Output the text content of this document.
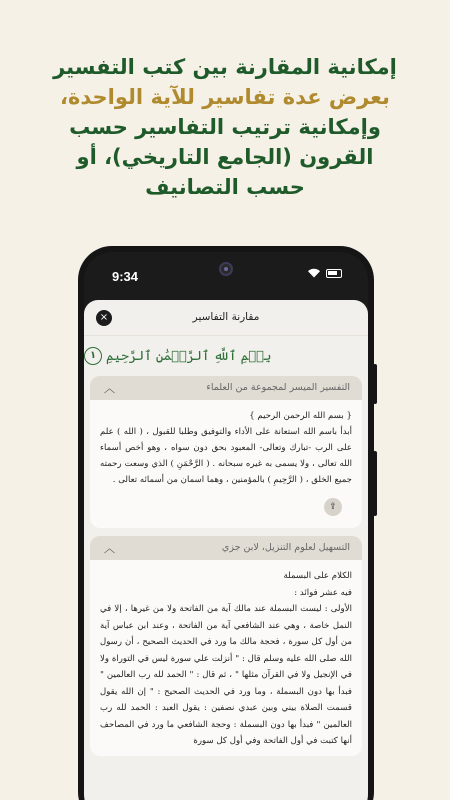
إمكانية المقارنة بين كتب التفسير
بعرض عدة تفاسير للآية الواحدة،
وإمكانية ترتيب التفاسير حسب
القرون (الجامع التاريخي)، أو
حسب التصانيف
9:34
×	مقارنة التفاسير
بِسۡمِ ٱللَّهِ ٱلرَّحۡمَٰنِ ٱلرَّحِيمِ
١
︿	التفسير الميسر لمجموعة من العلماء

{ بسم الله الرحمن الرحيم }

أبدأ باسم الله استعانة على الأداء والتوفيق وطلبا للقبول ، ( الله ) علم على الرب -تبارك وتعالى- المعبود بحق دون سواه ، وهو أخص أسماء الله تعالى ، ولا يسمى به غيره سبحانه . ( الرَّحْمَنِ ) الذي وسعت رحمته جميع الخلق ، ( الرَّحِيمِ ) بالمؤمنين ، وهما اسمان من أسمائه تعالى .

⇪
︿	التسهيل لعلوم التنزيل، لابن جزي

الكلام على البسملة

فيه عشر فوائد :

الأولى : ليست البسملة عند مالك آية من الفاتحة ولا من غيرها ، إلا في النمل خاصة ، وهي عند الشافعي آية من الفاتحة ، وعند ابن عباس آية من أول كل سورة ، فحجة مالك ما ورد في الحديث الصحيح ، أن رسول الله صلى الله عليه وسلم قال : " أنزلت علي سورة ليس في التوراة ولا في الإنجيل ولا في القرآن مثلها " ، ثم قال : " الحمد لله رب العالمين " فبدأ بها دون البسملة ، وما ورد في الحديث الصحيح : " إن الله يقول قسمت الصلاة بيني وبين عبدي نصفين : يقول العبد : الحمد لله رب العالمين " فبدأ بها دون البسملة : وحجة الشافعي ما ورد في المصاحف أنها كتبت في أول الفاتحة وفي أول كل سورة
